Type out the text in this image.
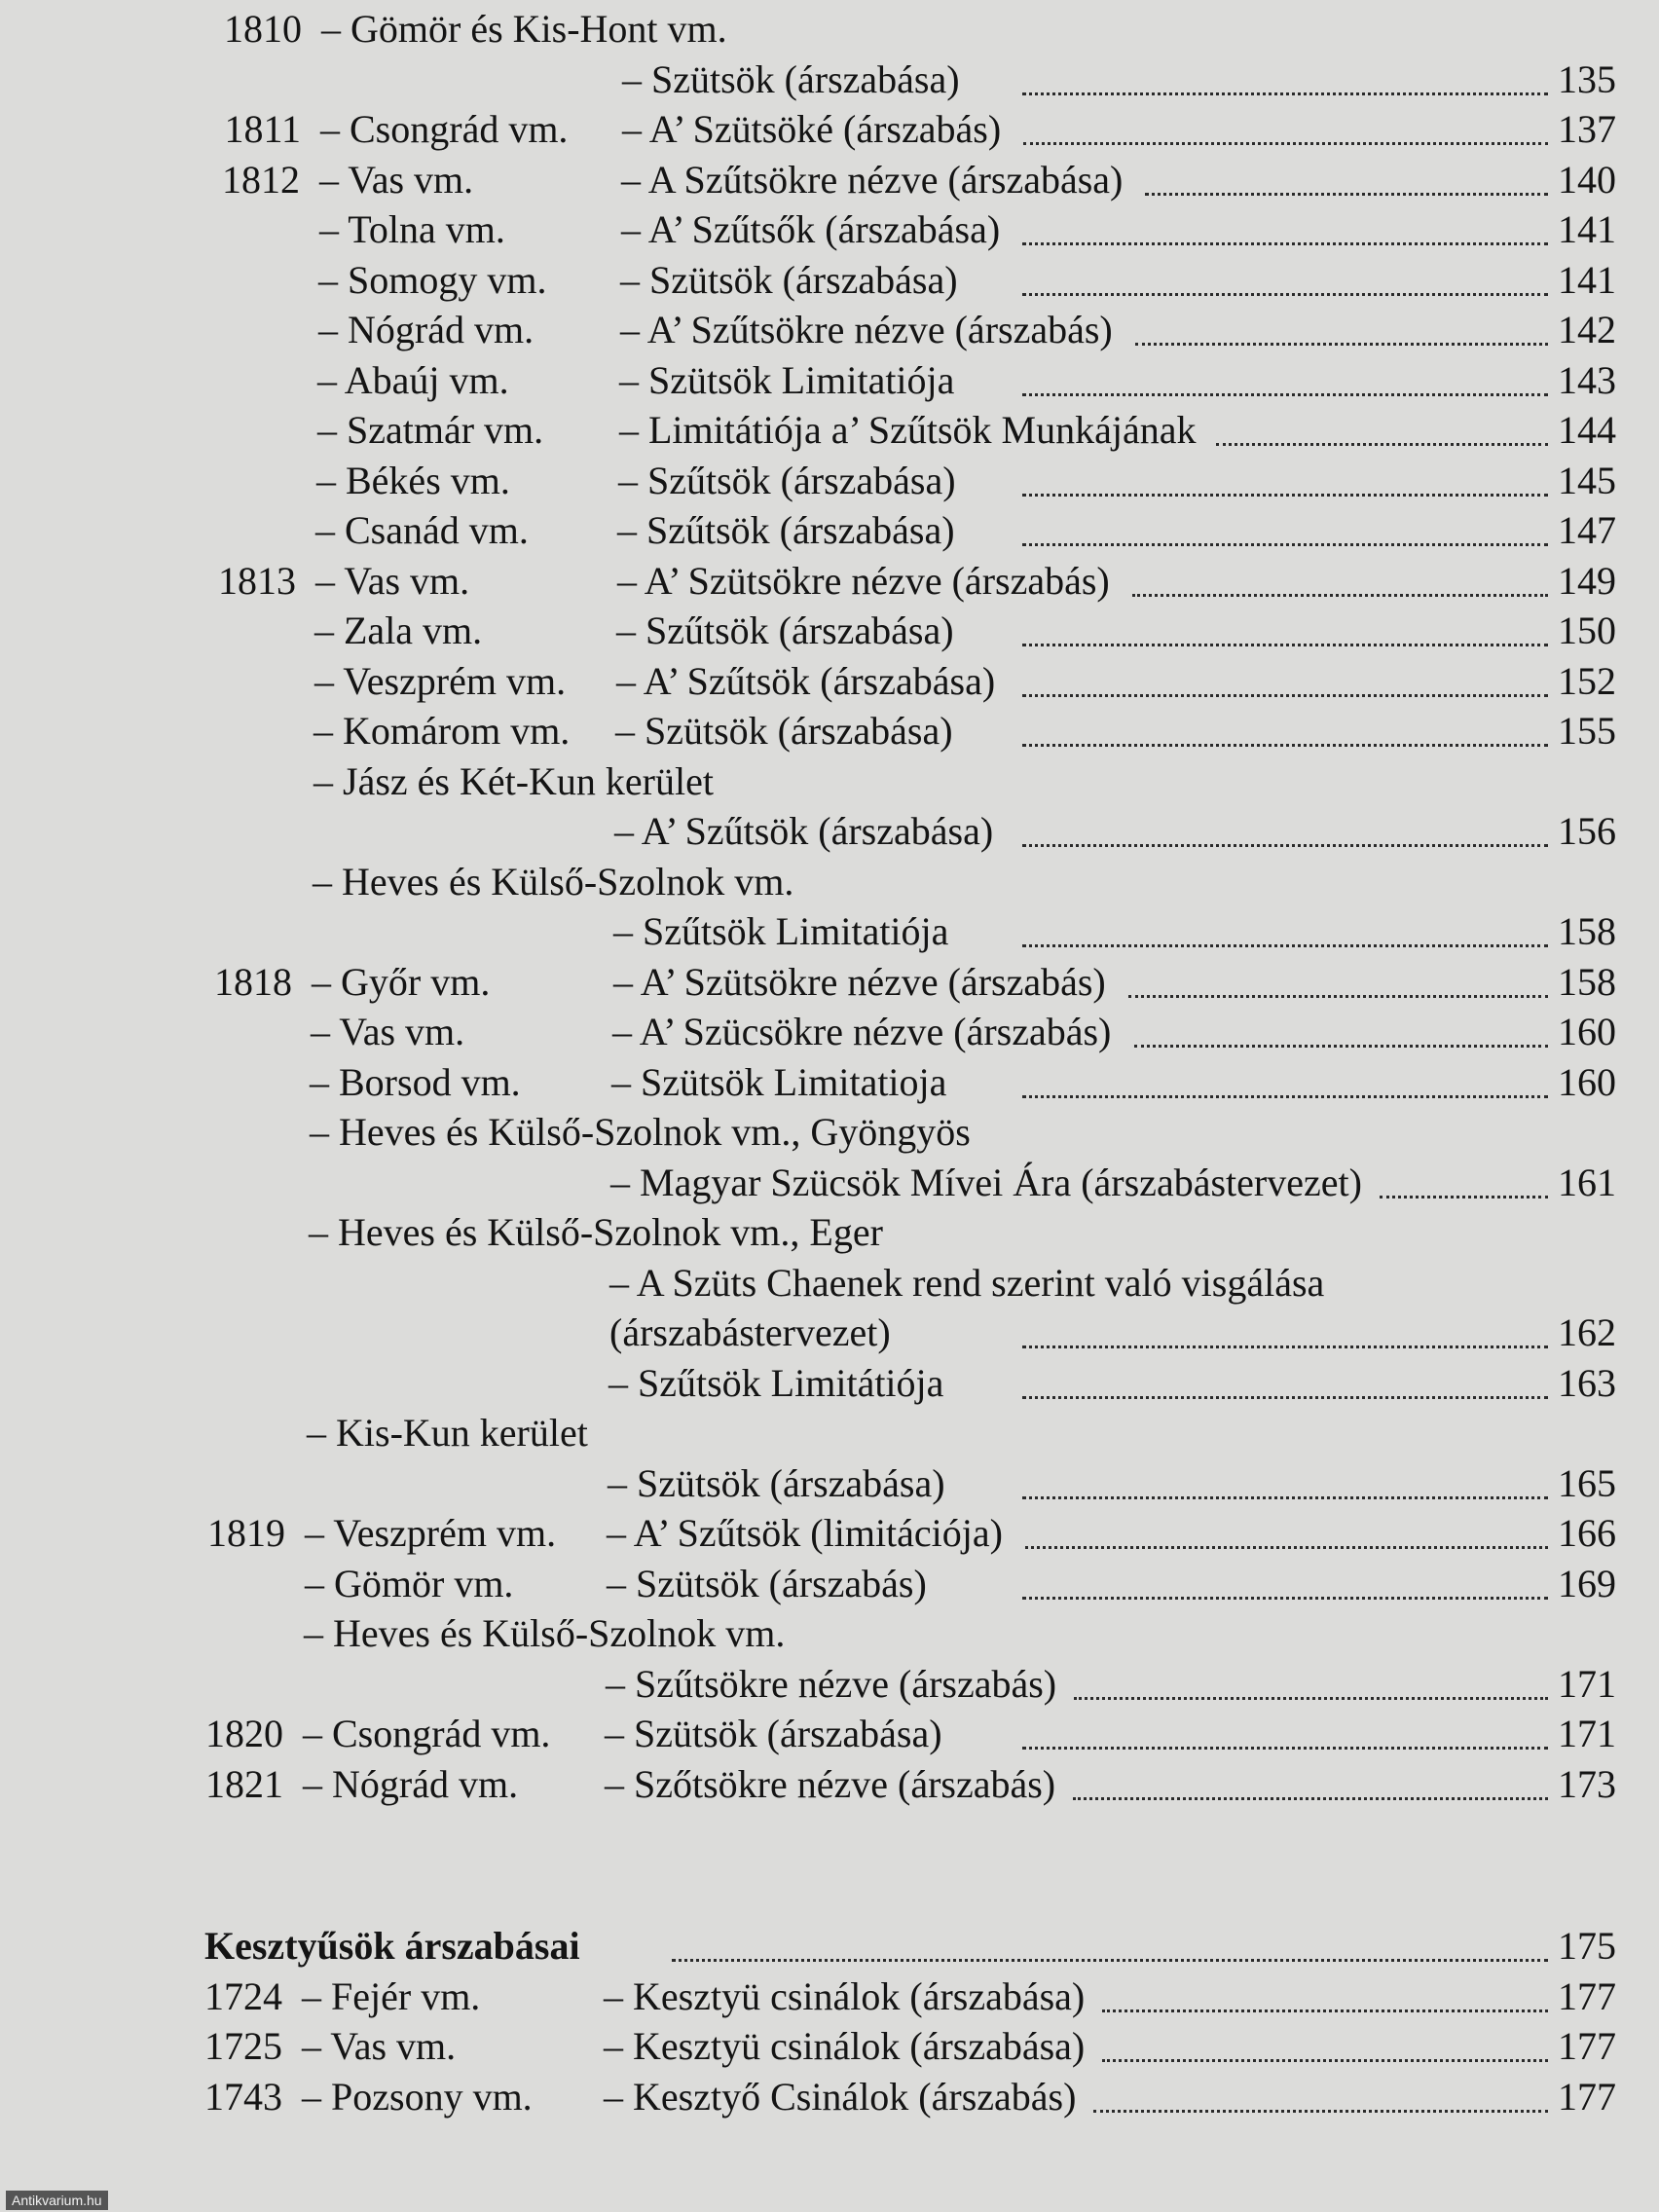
1810 – Gömör és Kis-Hont vm.
– Szütsök (árszabása)	135
1811 – Csongrád vm. – A’ Szütsöké (árszabás)	137
1812 – Vas vm.	– A Szűtsökre nézve (árszabása)	140
– Tolna vm.	– A’ Szűtsők (árszabása)	141
– Somogy vm. – Szütsök (árszabása)	141
– Nógrád vm. – A’ Szűtsökre nézve (árszabás)	142
– Abaúj vm.	– Szütsök Limitatiója	143
– Szatmár vm. – Limitátiója a’ Szűtsök Munkájának	144
– Békés vm.	– Szűtsök (árszabása)	145
– Csanád vm. – Szűtsök (árszabása)	147
1813 – Vas vm.	– A’ Szütsökre nézve (árszabás)	149
– Zala vm.	– Szűtsök (árszabása)	150
– Veszprém vm. – A’ Szűtsök (árszabása)	152
– Komárom vm. – Szütsök (árszabása)	155
– Jász és Két-Kun kerület
– A’ Szűtsök (árszabása)	156
– Heves és Külső-Szolnok vm.
– Szűtsök Limitatiója	158
1818 – Győr vm.	– A’ Szütsökre nézve (árszabás)	158
– Vas vm.	– A’ Szücsökre nézve (árszabás)	160
– Borsod vm. – Szütsök Limitatioja	160
– Heves és Külső-Szolnok vm., Gyöngyös
– Magyar Szücsök Mívei Ára (árszabástervezet)	161
– Heves és Külső-Szolnok vm., Eger
– A Szüts Chaenek rend szerint való visgálása
(árszabástervezet)	162
– Szűtsök Limitátiója	163
– Kis-Kun kerület
– Szütsök (árszabása)	165
1819 – Veszprém vm. – A’ Szűtsök (limitációja)	166
– Gömör vm. – Szütsök (árszabás)	169
– Heves és Külső-Szolnok vm.
– Szűtsökre nézve (árszabás)	171
1820 – Csongrád vm. – Szütsök (árszabása)	171
1821 – Nógrád vm. – Szőtsökre nézve (árszabás)	173
Kesztyűsök árszabásai	175
1724 – Fejér vm.	– Kesztyü csinálok (árszabása)	177
1725 – Vas vm.	– Kesztyü csinálok (árszabása)	177
1743 – Pozsony vm. – Kesztyő Csinálok (árszabás)	177
Antikvarium.hu
